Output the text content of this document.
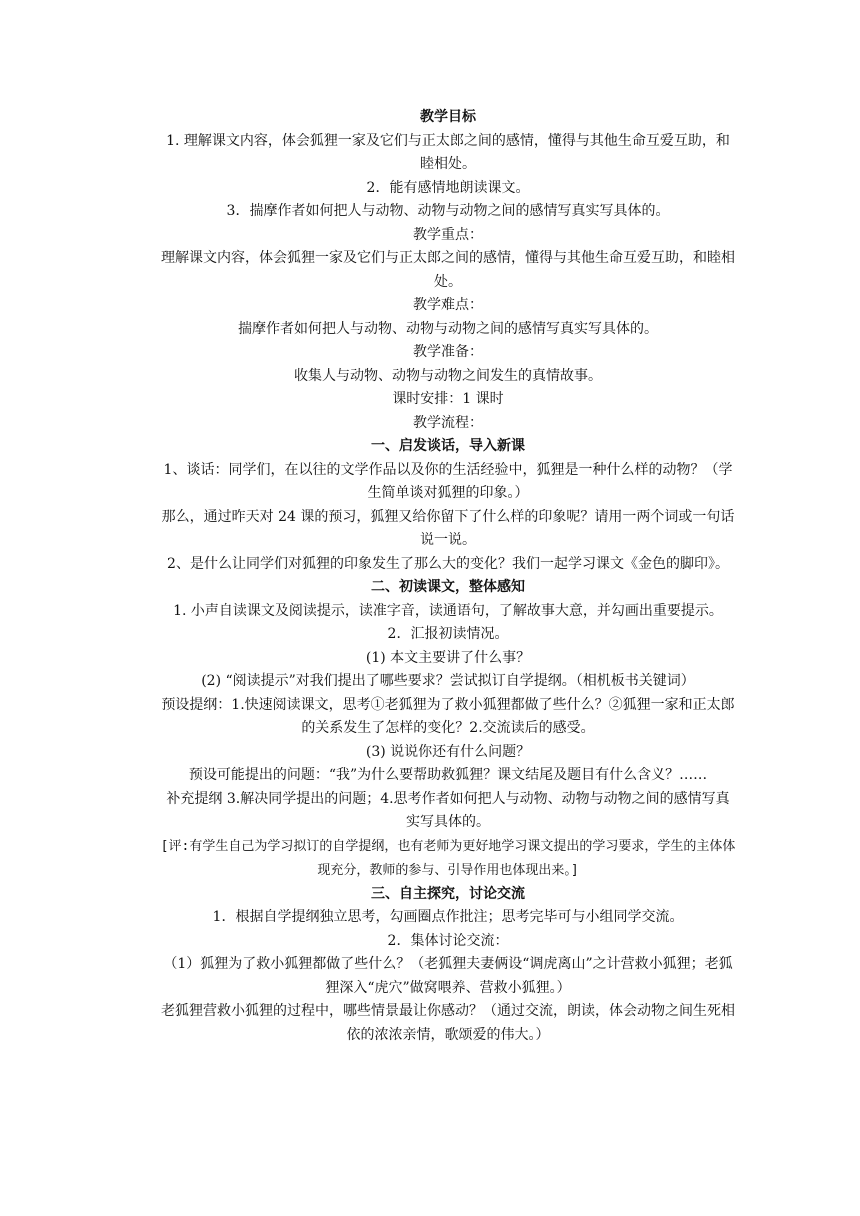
教学目标

1. 理解课文内容，体会狐狸一家及它们与正太郎之间的感情，懂得与其他生命互爱互助，和睦相处。

2．能有感情地朗读课文。

3．揣摩作者如何把人与动物、动物与动物之间的感情写真实写具体的。

教学重点：

理解课文内容，体会狐狸一家及它们与正太郎之间的感情，懂得与其他生命互爱互助，和睦相处。

教学难点：

揣摩作者如何把人与动物、动物与动物之间的感情写真实写具体的。

教学准备：

收集人与动物、动物与动物之间发生的真情故事。

课时安排：1 课时

教学流程：

一、启发谈话，导入新课

1、谈话：同学们，在以往的文学作品以及你的生活经验中，狐狸是一种什么样的动物？（学生简单谈对狐狸的印象。）

那么，通过昨天对 24 课的预习，狐狸又给你留下了什么样的印象呢？请用一两个词或一句话说一说。

2、是什么让同学们对狐狸的印象发生了那么大的变化？我们一起学习课文《金色的脚印》。

二、初读课文，整体感知

1. 小声自读课文及阅读提示，读准字音，读通语句，了解故事大意，并勾画出重要提示。

2．汇报初读情况。

(1) 本文主要讲了什么事？

(2) “阅读提示”对我们提出了哪些要求？尝试拟订自学提纲。（相机板书关键词）

预设提纲：1.快速阅读课文，思考①老狐狸为了救小狐狸都做了些什么？②狐狸一家和正太郎的关系发生了怎样的变化？2.交流读后的感受。

(3) 说说你还有什么问题？

预设可能提出的问题：“我”为什么要帮助救狐狸？课文结尾及题目有什么含义？……

补充提纲 3.解决同学提出的问题；4.思考作者如何把人与动物、动物与动物之间的感情写真实写具体的。

[评:有学生自己为学习拟订的自学提纲，也有老师为更好地学习课文提出的学习要求，学生的主体体现充分，教师的参与、引导作用也体现出来。]

三、自主探究，讨论交流

1．根据自学提纲独立思考，勾画圈点作批注；思考完毕可与小组同学交流。

2．集体讨论交流：

（1）狐狸为了救小狐狸都做了些什么？（老狐狸夫妻俩设“调虎离山”之计营救小狐狸；老狐狸深入“虎穴”做窝喂养、营救小狐狸。）

老狐狸营救小狐狸的过程中，哪些情景最让你感动？（通过交流，朗读，体会动物之间生死相依的浓浓亲情，歌颂爱的伟大。）
